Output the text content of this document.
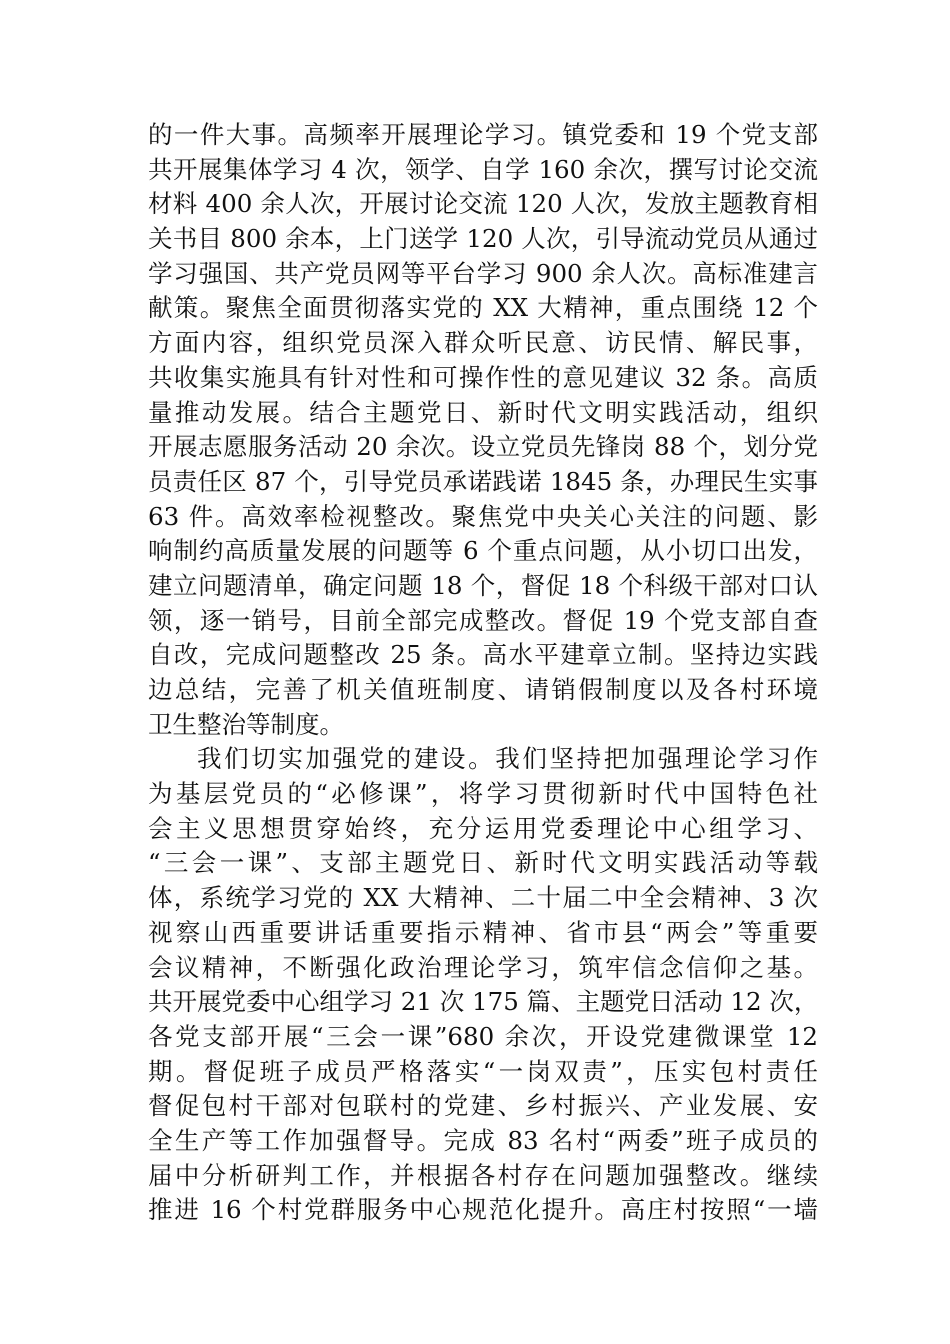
的一件大事。高频率开展理论学习。镇党委和 19 个党支部
共开展集体学习 4 次，领学、自学 160 余次，撰写讨论交流
材料 400 余人次，开展讨论交流 120 人次，发放主题教育相
关书目 800 余本，上门送学 120 人次，引导流动党员从通过
学习强国、共产党员网等平台学习 900 余人次。高标准建言
献策。聚焦全面贯彻落实党的 XX 大精神，重点围绕 12 个
方面内容，组织党员深入群众听民意、访民情、解民事，
共收集实施具有针对性和可操作性的意见建议 32 条。高质
量推动发展。结合主题党日、新时代文明实践活动，组织
开展志愿服务活动 20 余次。设立党员先锋岗 88 个，划分党
员责任区 87 个，引导党员承诺践诺 1845 条，办理民生实事
63 件。高效率检视整改。聚焦党中央关心关注的问题、影
响制约高质量发展的问题等 6 个重点问题，从小切口出发，
建立问题清单，确定问题 18 个，督促 18 个科级干部对口认
领，逐一销号，目前全部完成整改。督促 19 个党支部自查
自改，完成问题整改 25 条。高水平建章立制。坚持边实践
边总结，完善了机关值班制度、请销假制度以及各村环境
卫生整治等制度。
我们切实加强党的建设。我们坚持把加强理论学习作
为基层党员的“必修课”，将学习贯彻新时代中国特色社
会主义思想贯穿始终，充分运用党委理论中心组学习、
“三会一课”、支部主题党日、新时代文明实践活动等载
体，系统学习党的 XX 大精神、二十届二中全会精神、3 次
视察山西重要讲话重要指示精神、省市县“两会”等重要
会议精神，不断强化政治理论学习，筑牢信念信仰之基。
共开展党委中心组学习 21 次 175 篇、主题党日活动 12 次，
各党支部开展“三会一课”680 余次，开设党建微课堂 12
期。督促班子成员严格落实“一岗双责”，压实包村责任
督促包村干部对包联村的党建、乡村振兴、产业发展、安
全生产等工作加强督导。完成 83 名村“两委”班子成员的
届中分析研判工作，并根据各村存在问题加强整改。继续
推进 16 个村党群服务中心规范化提升。高庄村按照“一墙
